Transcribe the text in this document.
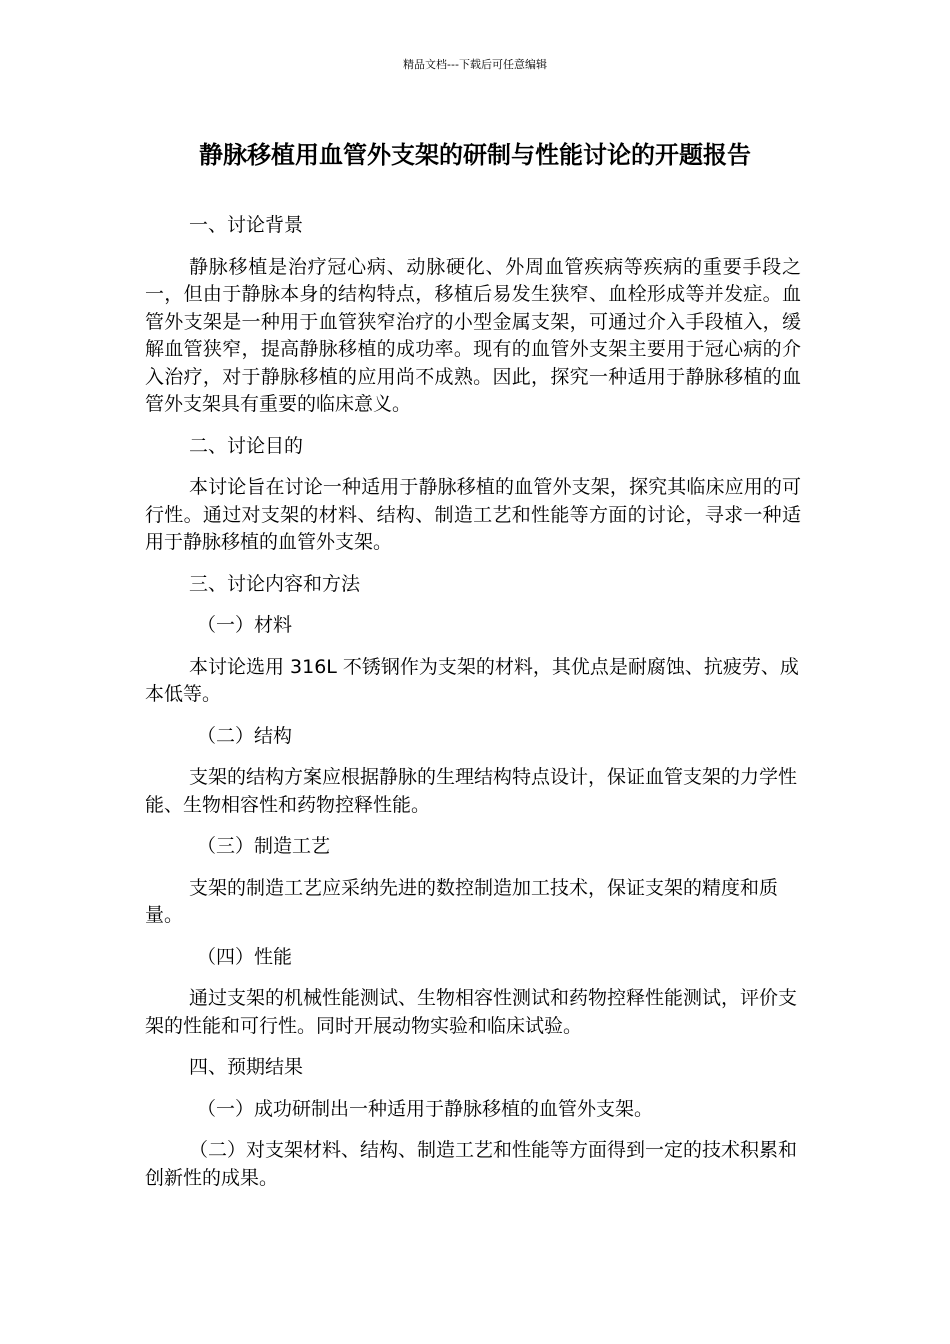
精品文档---下载后可任意编辑
静脉移植用血管外支架的研制与性能讨论的开题报告

一、讨论背景

静脉移植是治疗冠心病、动脉硬化、外周血管疾病等疾病的重要手段之一，但由于静脉本身的结构特点，移植后易发生狭窄、血栓形成等并发症。血管外支架是一种用于血管狭窄治疗的小型金属支架，可通过介入手段植入，缓解血管狭窄，提高静脉移植的成功率。现有的血管外支架主要用于冠心病的介入治疗，对于静脉移植的应用尚不成熟。因此，探究一种适用于静脉移植的血管外支架具有重要的临床意义。

二、讨论目的

本讨论旨在讨论一种适用于静脉移植的血管外支架，探究其临床应用的可行性。通过对支架的材料、结构、制造工艺和性能等方面的讨论，寻求一种适用于静脉移植的血管外支架。

三、讨论内容和方法

（一）材料

本讨论选用 316L 不锈钢作为支架的材料，其优点是耐腐蚀、抗疲劳、成本低等。

（二）结构

支架的结构方案应根据静脉的生理结构特点设计，保证血管支架的力学性能、生物相容性和药物控释性能。

（三）制造工艺

支架的制造工艺应采纳先进的数控制造加工技术，保证支架的精度和质量。

（四）性能

通过支架的机械性能测试、生物相容性测试和药物控释性能测试，评价支架的性能和可行性。同时开展动物实验和临床试验。

四、预期结果

（一）成功研制出一种适用于静脉移植的血管外支架。

（二）对支架材料、结构、制造工艺和性能等方面得到一定的技术积累和创新性的成果。
